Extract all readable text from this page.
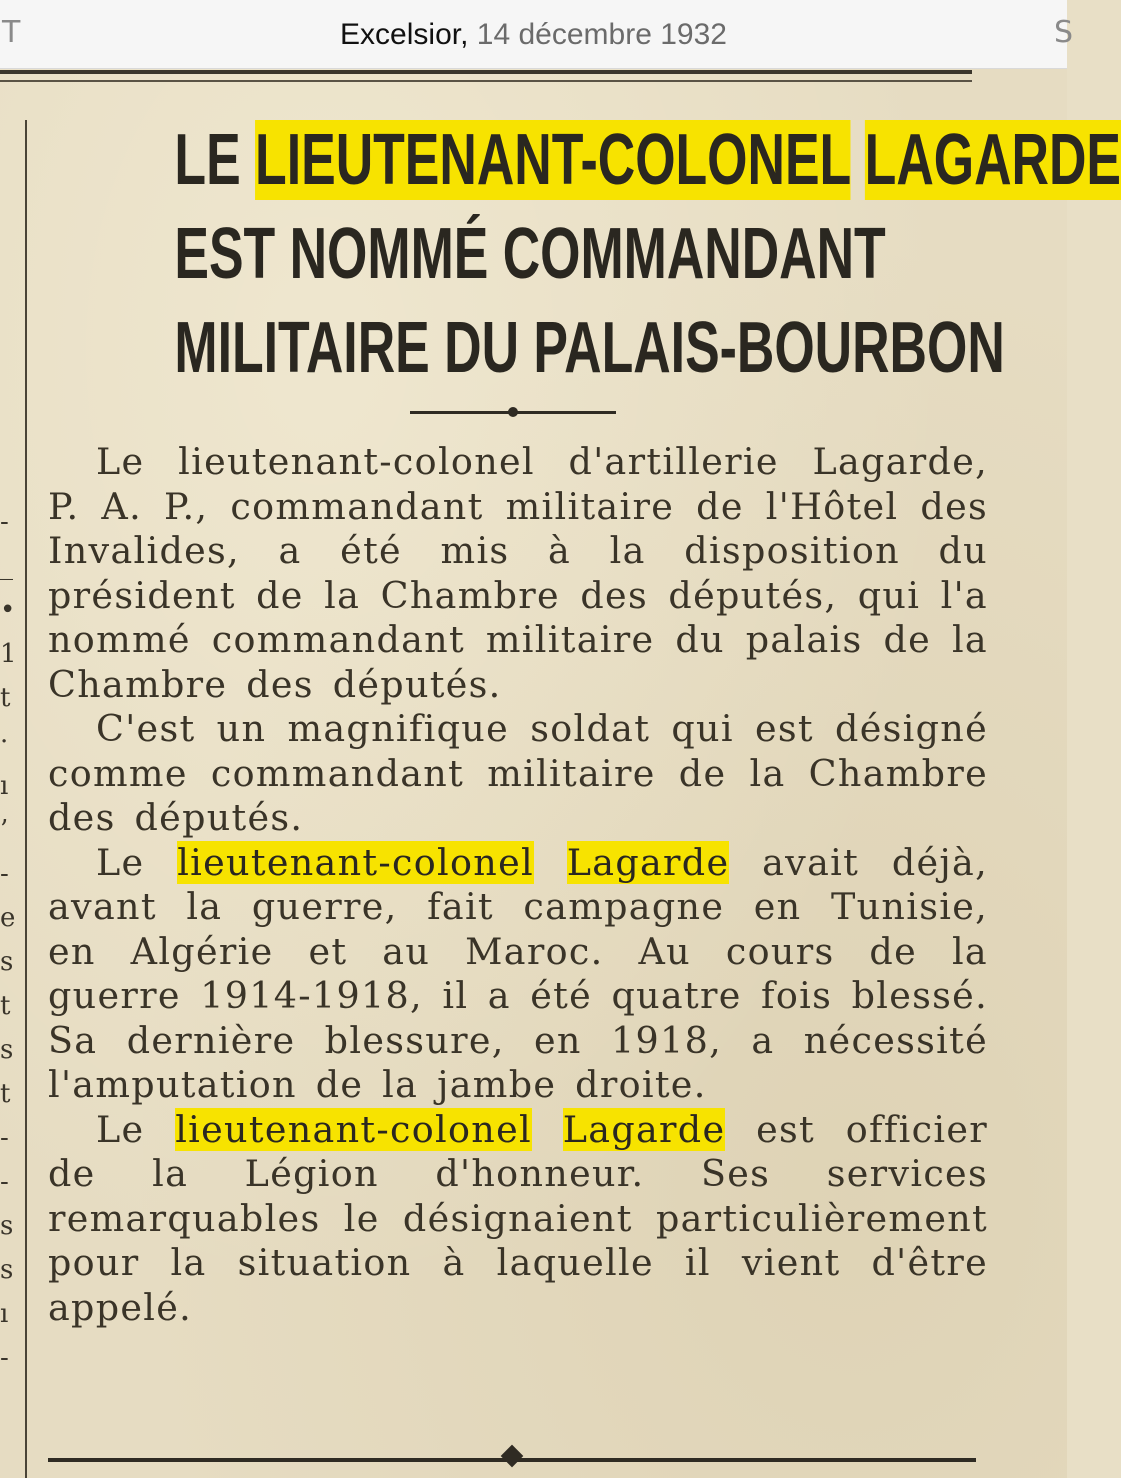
T	Excelsior, 14 décembre 1932	S
-
_
•
1
t
·
ı
’
-
e
s
t
s
t
-
-
s
s
ı
-
LE LIEUTENANT-COLONEL LAGARDE
EST NOMMÉ COMMANDANT
MILITAIRE DU PALAIS-BOURBON

Le lieutenant-colonel d'artillerie Lagarde, P. A. P., commandant militaire de l'Hôtel des Invalides, a été mis à la disposition du président de la Chambre des députés, qui l'a nommé commandant militaire du palais de la Chambre des députés.

C'est un magnifique soldat qui est désigné comme commandant militaire de la Chambre des députés.

Le lieutenant-colonel Lagarde avait déjà, avant la guerre, fait campagne en Tunisie, en Algérie et au Maroc. Au cours de la guerre 1914-1918, il a été quatre fois blessé. Sa dernière blessure, en 1918, a nécessité l'amputation de la jambe droite.

Le lieutenant-colonel Lagarde est officier de la Légion d'honneur. Ses services remarquables le désignaient particulièrement pour la situation à laquelle il vient d'être appelé.
